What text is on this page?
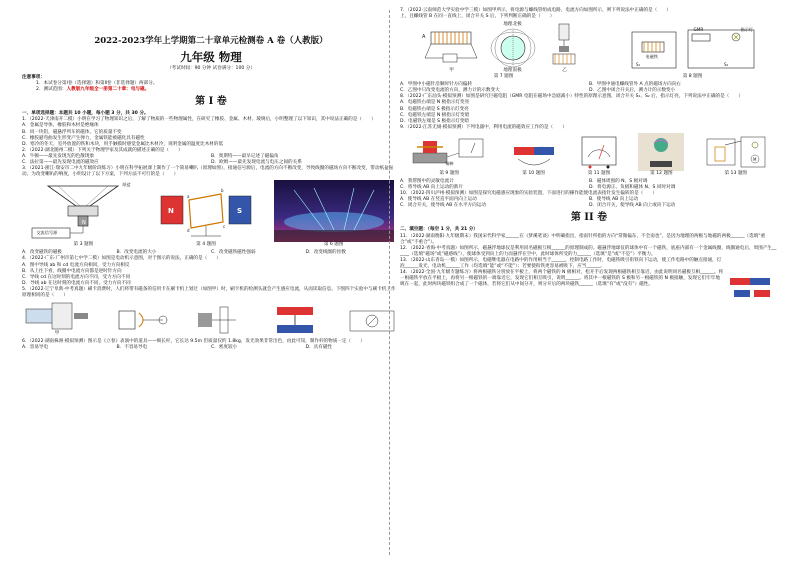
2022-2023学年上学期第二十章单元检测卷 A 卷（人教版）
九年级 物理
（考试时间：90 分钟 试卷满分：100 分）
注意事项：
1．本试卷分第Ⅰ卷（选择题）和第Ⅱ卷（非选择题）两部分。
2．测试范围：人教版九年级全一册第二十章：电与磁。
第 I 卷
一、单项选择题：本题共 10 小题，每小题 3 分，共 30 分。
1．（2022·天津南开二模）小明在学习了物理知识之后，了解了物质的一些物理属性，在研究了橡胶、金属、木材、玻璃后，小明整理了以下知识，其中说法正确的是（　　）
A．金属是导体，橡胶和木材是绝缘体
B．同一块铝，磁悬浮列车的磁体，它的质量不变
C．橡胶避弯曲发生形变产生弹力，金属铁能被磁化具有磁性
D．寒冷的冬天，室外放置的铁和木块，用手触摸时感觉金属比木材冷，说明金属的温度比木材的低
2．（2022·湖北随州二模）下列关于物理学家及其成就的描述正确的是（　　）
A．牛顿——最先发现光的色散现象	B．奥斯特——最早记述了磁偏角
C．法拉第——最先发现电流的磁效应	D．欧姆——最先发现电流与电压之间的关系
3．（2021·浙江·瑞安市二中九年级阶段练习）小明在科学拓展课上制作了一个简易喇叭（原理如图），接通信号源后，电流的方向不断改变，导致线圈的磁场方向不断改变，带动纸盆振动。为改变喇叭的响度，小明设计了以下方案，下列方法不可行的是（　　）
N
纸盆
交流信号源
第 3 题图
N	S
a
b
c
d
第 4 题图	第 6 题图
A．改变磁铁的磁极	B．改变电流的大小	C．改变磁铁磁性强弱	D．改变线圈的匝数
4．（2022·广东·广州市第七中学二模）如图是电动机示意图，对于图示的说法，正确的是（　　）
A．图中导线 ab 和 cd 电流方向相同，受力方向相反
B．从上往下看，线圈中电流方向都是逆时针方向
C．导线 cd 在这时刻的电流方向不同，受力方向不同
D．导线 ab 在这时刻的电流方向不同，受力方向不同
5．（2022·辽宁阜新·中考真题）刷卡消费时，人们将带有磁条的信用卡在刷卡机上划过（如图甲）时，刷卡机的检测头就会产生感应电流，从而读取信息。下图四个实验中与刷卡机工作原理相同的是（　　）
甲
6．（2022·湖南株洲·模拟预测）图示是《立春》表演中的道具——细长杆，它长达 9.5m 但质量仅约 1.8kg，发光效果非常出色，由此可知，制作杆的物质一定（　　）
A．容易导电	B．不容易导电	C．密度较小	D．具有磁性
7．（2022·云南师范大学实验中学三模）如图甲所示，将电源与螺线管组成电路，电流方向如图所示，则下列说法中正确的是（　　）
上，且螺线管 B 在同一直线上，闭合开关 S 后，下列判断正确的是（　　）
A
甲
地理北极
地理南极	乙
第 7 题图
S₁	S₂
GMR	指示灯
电磁铁
第 8 题图
A．甲图中小磁针沿顺时针方向偏转	B．甲图中通电螺线管外 A 点的磁场方向向右
C．乙图中只改变电流的方向，测力计的示数变大	D．乙图中闭合开关后，测力计的示数变小
8．（2022·广东汕头·模拟预测）如图是研究巨磁电阻（GMR 电阻在磁场中急剧减小）特性的原理示意图，闭合开关 S₁、S₂ 后，指示灯亮，下列说法中正确的是（　　）
A．电磁铁右端是 N 极指示灯变亮
B．电磁铁右端是 S 极指示灯变亮
C．电磁铁左端是 N 极指示灯变暗
D．电磁铁左端是 S 极指示灯变暗
9．（2022·江苏无锡·模拟预测）下列电器中，利用电流的磁效应工作的是（　　）
铜棒
第 9 题图	第 10 题图	第 11 题图	第 12 题图
M
第 13 题图
A．我帮图中的灵敏电流计	B．磁体周围的 N、S 极对调
C．将导线 AB 向上运动的新片	D．将电源正、负极和磁体 N、S 同时对调
10．（2022·四川泸州·模拟预测）如图是探究电磁感应现象的实验装置，下面进行的操作能使电流表指针发生偏转的是（　　）
A．使导线 AB 在竖直平面内向上运动	B．使导线 AB 向上运动
C．闭合开关，使导线 AB 在水平方向运动	D．闭合开关，使导线 AB 向上或向下运动
第 II 卷
二、填空题：（每空 1 分，共 21 分）
11．（2022·湖南衡阳·九年级期末）我国宋代科学家______在《梦溪笔谈》中明确指出，指南针所指的方向“常微偏东，不全南也”，是因为地理的两极与地磁的两极______（选填“重合”或“不重合”）。
12．（2022·青海·中考真题）如图所示，磁悬浮地球仪是利用同名磁极互相______的原理制成的。磁悬浮地球仪的球体中有一个磁铁，底座内部有一个金属线圈，线圈通电后，周围产生______（选填“磁场”或“磁感线”），使球体受到向上的力而悬浮在空中，此时球体所受的力______（选填“是”或“不是”）平衡力。
13．（2022·山东青岛·一模）如图所示，电磁继电器在电路中的作用相当于______，控制电路工作时，电磁铁吸引衔铁向下运动，使工作电路中的触点接通，灯泡______发光，电动机______工作（均选填“能”或“不能”）；若要使衔铁更容易被吸下，应当______。
14．（2022·全国·九年级专题练习）将两根磁铁分别放在平板上，将两个磁铁的 N 极相对，松开手后发现两根磁铁相互靠近，由此说明同名磁极互相______。将一根磁铁平放在平板上，再将另一根磁铁的一端靠近它，发现它们相互吸引，说明______。将其中一根磁铁的 S 极和另一根磁铁的 N 极接触，发现它们牢牢地吸在一起，此时两块磁铁组合成了一个磁体，若将它们从中间分开，则分开后的两块磁铁______（选填“有”或“没有”）磁性。
